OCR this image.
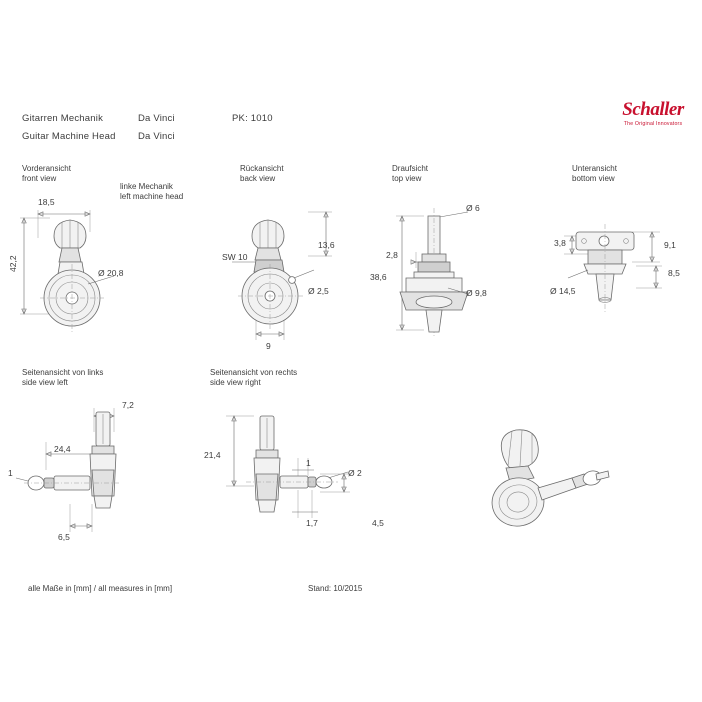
Gitarren Mechanik
Guitar Machine Head
Da Vinci
Da Vinci
PK: 1010	Schaller
The Original Innovators
Vorderansicht
front view
linke Mechanik
left machine head
Rückansicht
back view
Draufsicht
top view
Unteransicht
bottom view
Seitenansicht von links
side view left
Seitenansicht von rechts
side view right
18,5
42,2
Ø 20,8
SW 10
13,6
Ø 2,5
9
Ø 6
2,8
38,6
Ø 9,8
3,8	9,1
8,5
Ø 14,5
7,2
24,4
1
6,5
21,4
1
Ø 2
1,7	4,5
alle Maße in [mm] / all measures in [mm]	Stand: 10/2015
